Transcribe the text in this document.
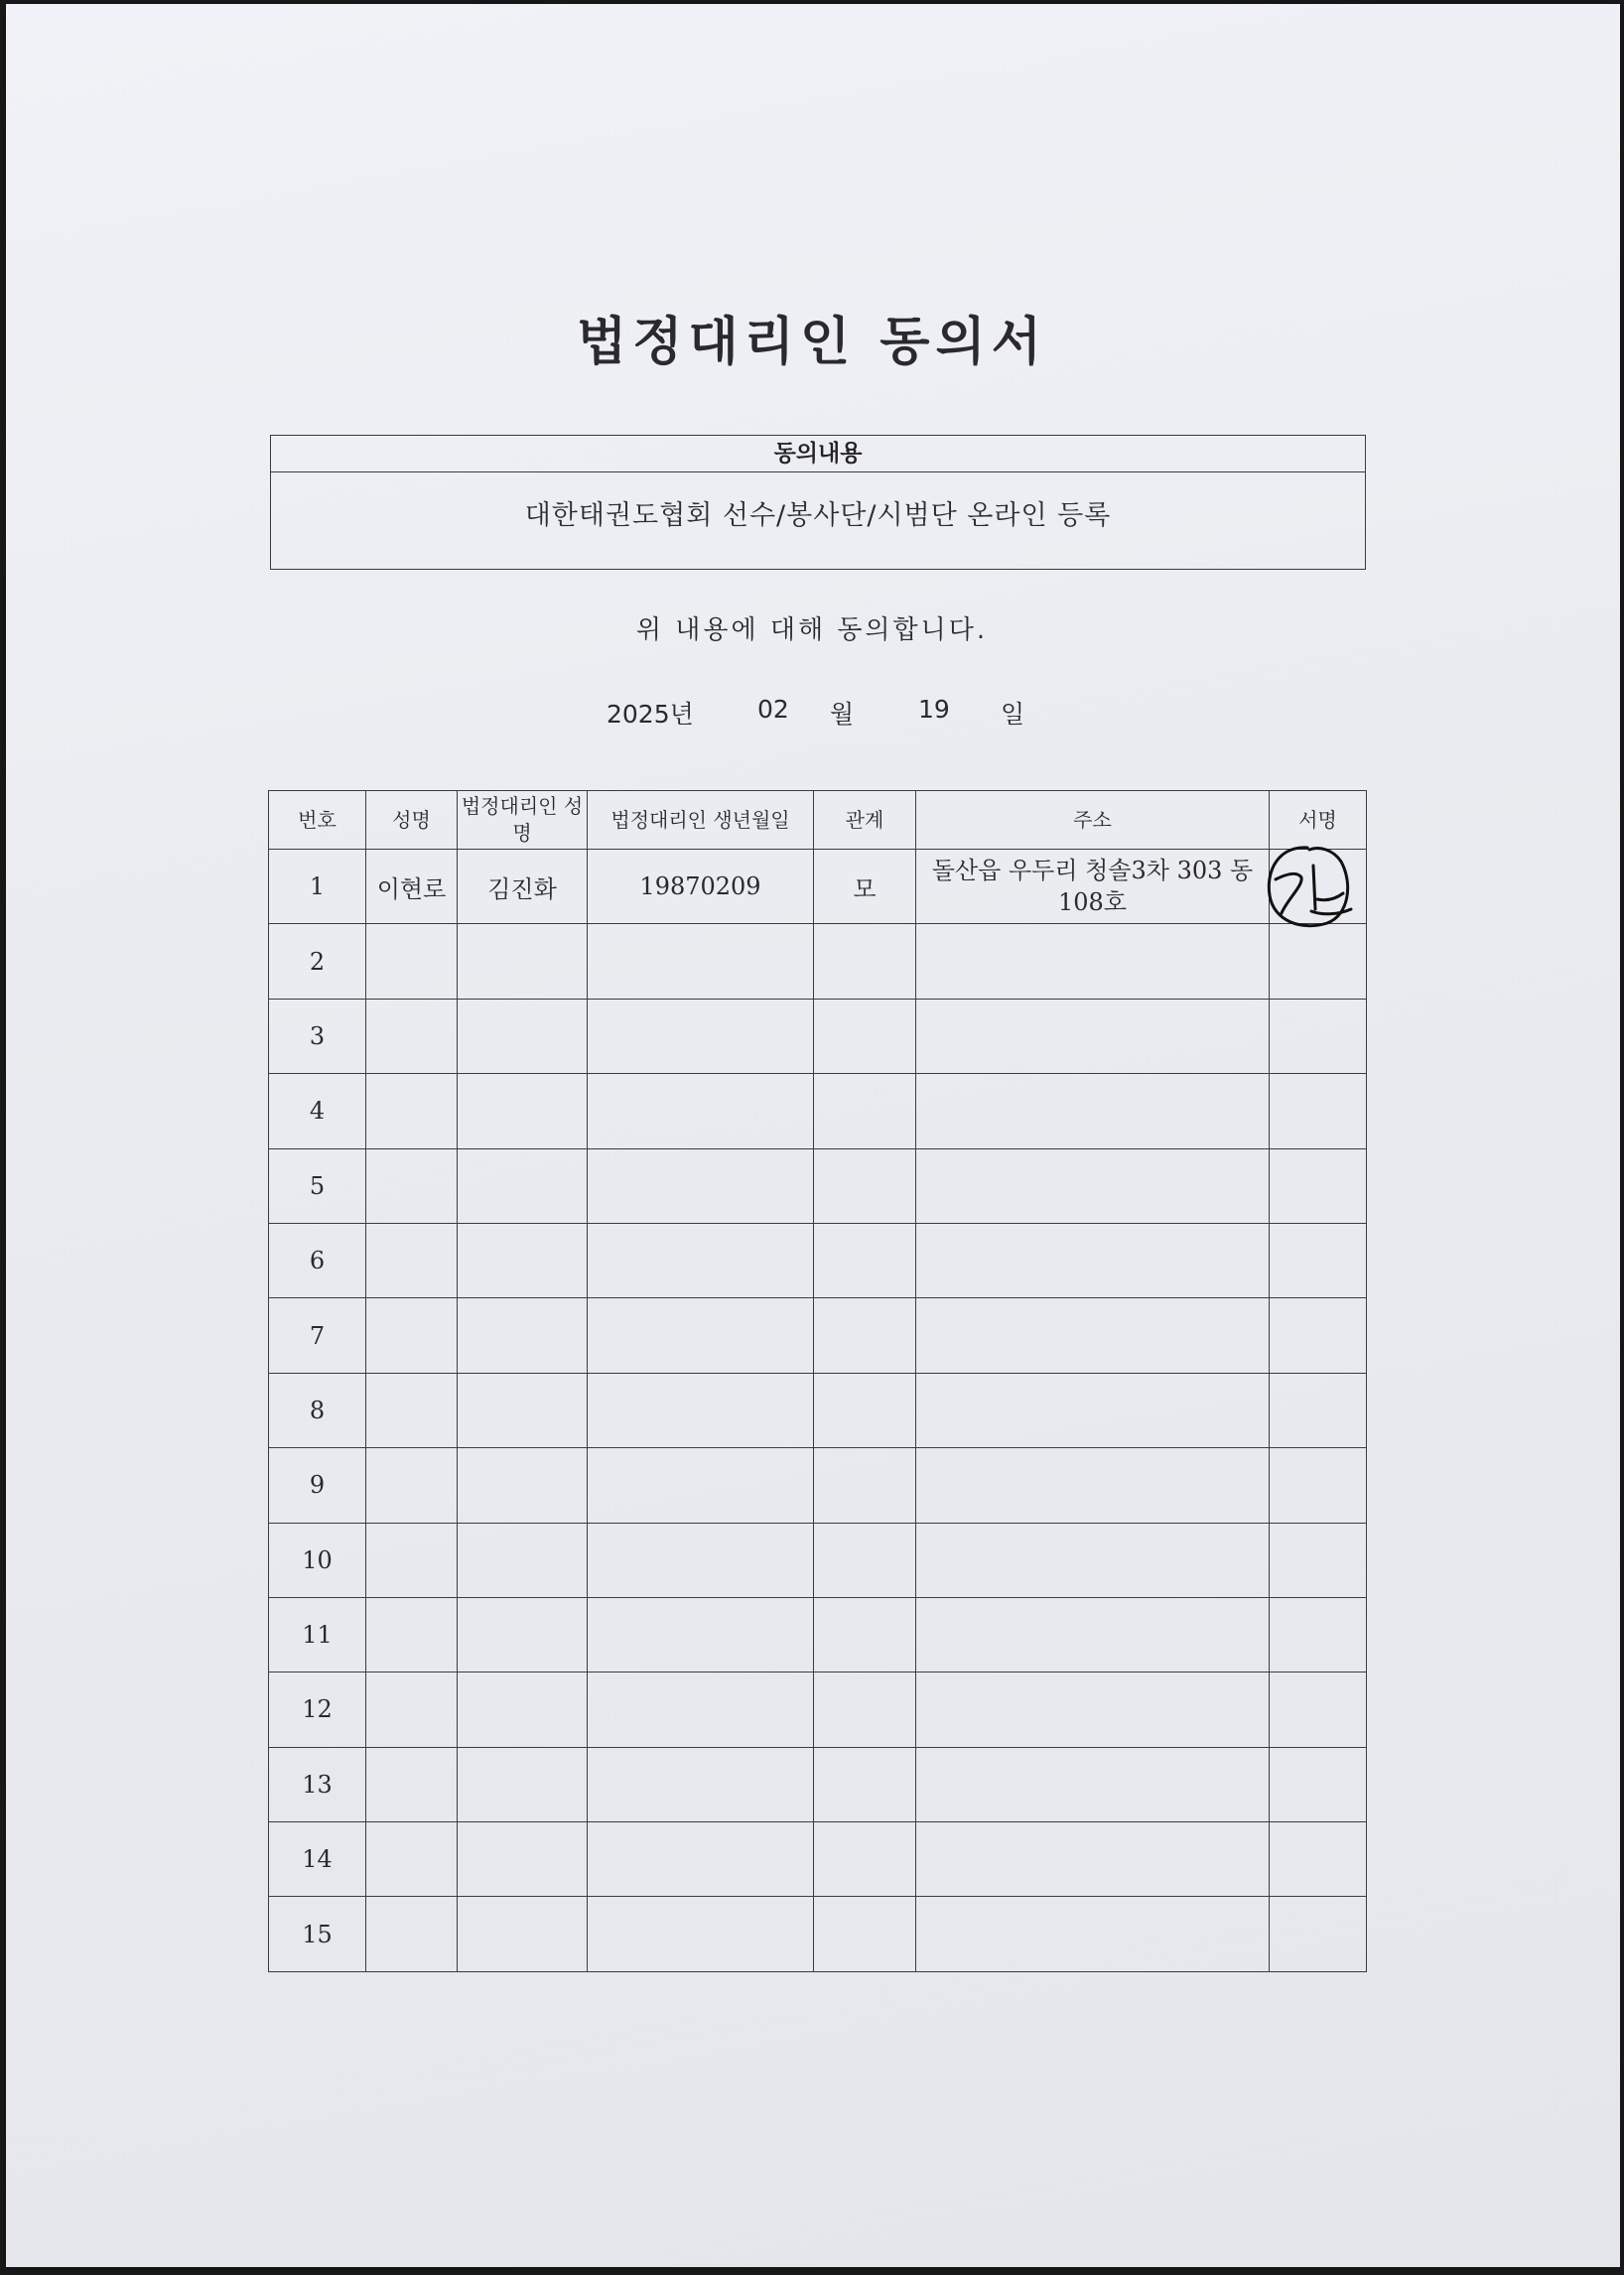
법정대리인 동의서
동의내용
대한태권도협회 선수/봉사단/시범단 온라인 등록
위 내용에 대해 동의합니다.
2025년	02 월	19 일
번호	성명	법정대리인 성명	법정대리인 생년월일	관계	주소	서명
1	이현로	김진화	19870209	모	돌산읍 우두리 청솔3차 303 동 108호	

2						
3						
4						
5						
6						
7						
8						
9						
10						
11						
12						
13						
14						
15						
